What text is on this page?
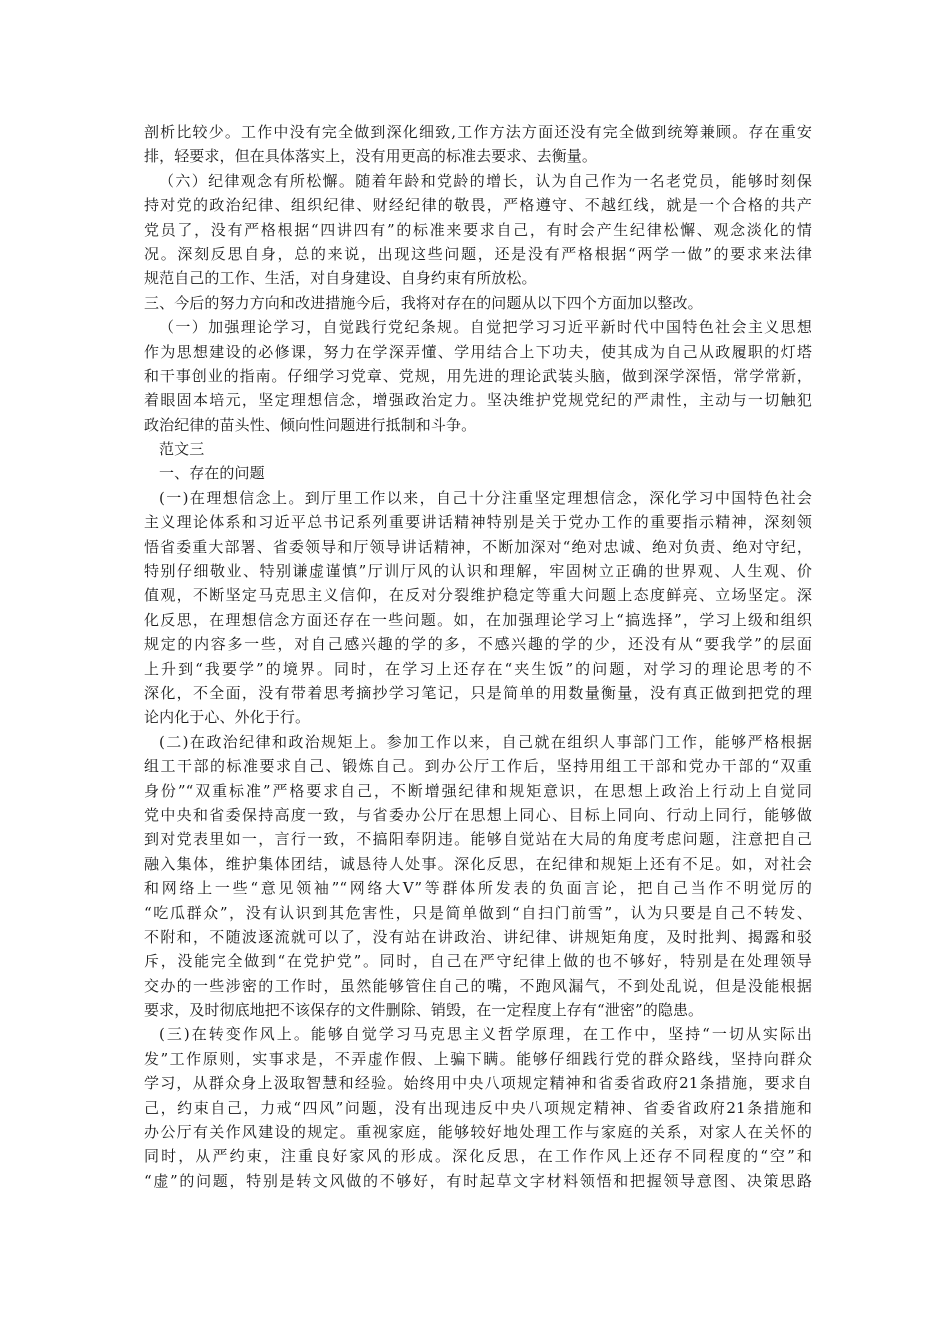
剖析比较少。工作中没有完全做到深化细致,工作方法方面还没有完全做到统筹兼顾。存在重安
排，轻要求，但在具体落实上，没有用更高的标准去要求、去衡量。
（六）纪律观念有所松懈。随着年龄和党龄的增长，认为自己作为一名老党员，能够时刻保
持对党的政治纪律、组织纪律、财经纪律的敬畏，严格遵守、不越红线，就是一个合格的共产
党员了，没有严格根据“四讲四有”的标准来要求自己，有时会产生纪律松懈、观念淡化的情
况。深刻反思自身，总的来说，出现这些问题，还是没有严格根据“两学一做”的要求来法律
规范自己的工作、生活，对自身建设、自身约束有所放松。
三、今后的努力方向和改进措施今后，我将对存在的问题从以下四个方面加以整改。
（一）加强理论学习，自觉践行党纪条规。自觉把学习习近平新时代中国特色社会主义思想
作为思想建设的必修课，努力在学深弄懂、学用结合上下功夫，使其成为自己从政履职的灯塔
和干事创业的指南。仔细学习党章、党规，用先进的理论武装头脑，做到深学深悟，常学常新，
着眼固本培元，坚定理想信念，增强政治定力。坚决维护党规党纪的严肃性，主动与一切触犯
政治纪律的苗头性、倾向性问题进行抵制和斗争。
范文三
一、存在的问题
(一)在理想信念上。到厅里工作以来，自己十分注重坚定理想信念，深化学习中国特色社会
主义理论体系和习近平总书记系列重要讲话精神特别是关于党办工作的重要指示精神，深刻领
悟省委重大部署、省委领导和厅领导讲话精神，不断加深对“绝对忠诚、绝对负责、绝对守纪，
特别仔细敬业、特别谦虚谨慎”厅训厅风的认识和理解，牢固树立正确的世界观、人生观、价
值观，不断坚定马克思主义信仰，在反对分裂维护稳定等重大问题上态度鲜亮、立场坚定。深
化反思，在理想信念方面还存在一些问题。如，在加强理论学习上“搞选择”，学习上级和组织
规定的内容多一些，对自己感兴趣的学的多，不感兴趣的学的少，还没有从“要我学”的层面
上升到“我要学”的境界。同时，在学习上还存在“夹生饭”的问题，对学习的理论思考的不
深化，不全面，没有带着思考摘抄学习笔记，只是简单的用数量衡量，没有真正做到把党的理
论内化于心、外化于行。
(二)在政治纪律和政治规矩上。参加工作以来，自己就在组织人事部门工作，能够严格根据
组工干部的标准要求自己、锻炼自己。到办公厅工作后，坚持用组工干部和党办干部的“双重
身份”“双重标准”严格要求自己，不断增强纪律和规矩意识，在思想上政治上行动上自觉同
党中央和省委保持高度一致，与省委办公厅在思想上同心、目标上同向、行动上同行，能够做
到对党表里如一，言行一致，不搞阳奉阴违。能够自觉站在大局的角度考虑问题，注意把自己
融入集体，维护集体团结，诚恳待人处事。深化反思，在纪律和规矩上还有不足。如，对社会
和网络上一些“意见领袖”“网络大V”等群体所发表的负面言论，把自己当作不明觉厉的
“吃瓜群众”，没有认识到其危害性，只是简单做到“自扫门前雪”，认为只要是自己不转发、
不附和，不随波逐流就可以了，没有站在讲政治、讲纪律、讲规矩角度，及时批判、揭露和驳
斥，没能完全做到“在党护党”。同时，自己在严守纪律上做的也不够好，特别是在处理领导
交办的一些涉密的工作时，虽然能够管住自己的嘴，不跑风漏气，不到处乱说，但是没能根据
要求，及时彻底地把不该保存的文件删除、销毁，在一定程度上存有“泄密”的隐患。
(三)在转变作风上。能够自觉学习马克思主义哲学原理，在工作中，坚持“一切从实际出
发”工作原则，实事求是，不弄虚作假、上骗下瞒。能够仔细践行党的群众路线，坚持向群众
学习，从群众身上汲取智慧和经验。始终用中央八项规定精神和省委省政府21条措施，要求自
己，约束自己，力戒“四风”问题，没有出现违反中央八项规定精神、省委省政府21条措施和
办公厅有关作风建设的规定。重视家庭，能够较好地处理工作与家庭的关系，对家人在关怀的
同时，从严约束，注重良好家风的形成。深化反思，在工作作风上还存不同程度的“空”和
“虚”的问题，特别是转文风做的不够好，有时起草文字材料领悟和把握领导意图、决策思路
